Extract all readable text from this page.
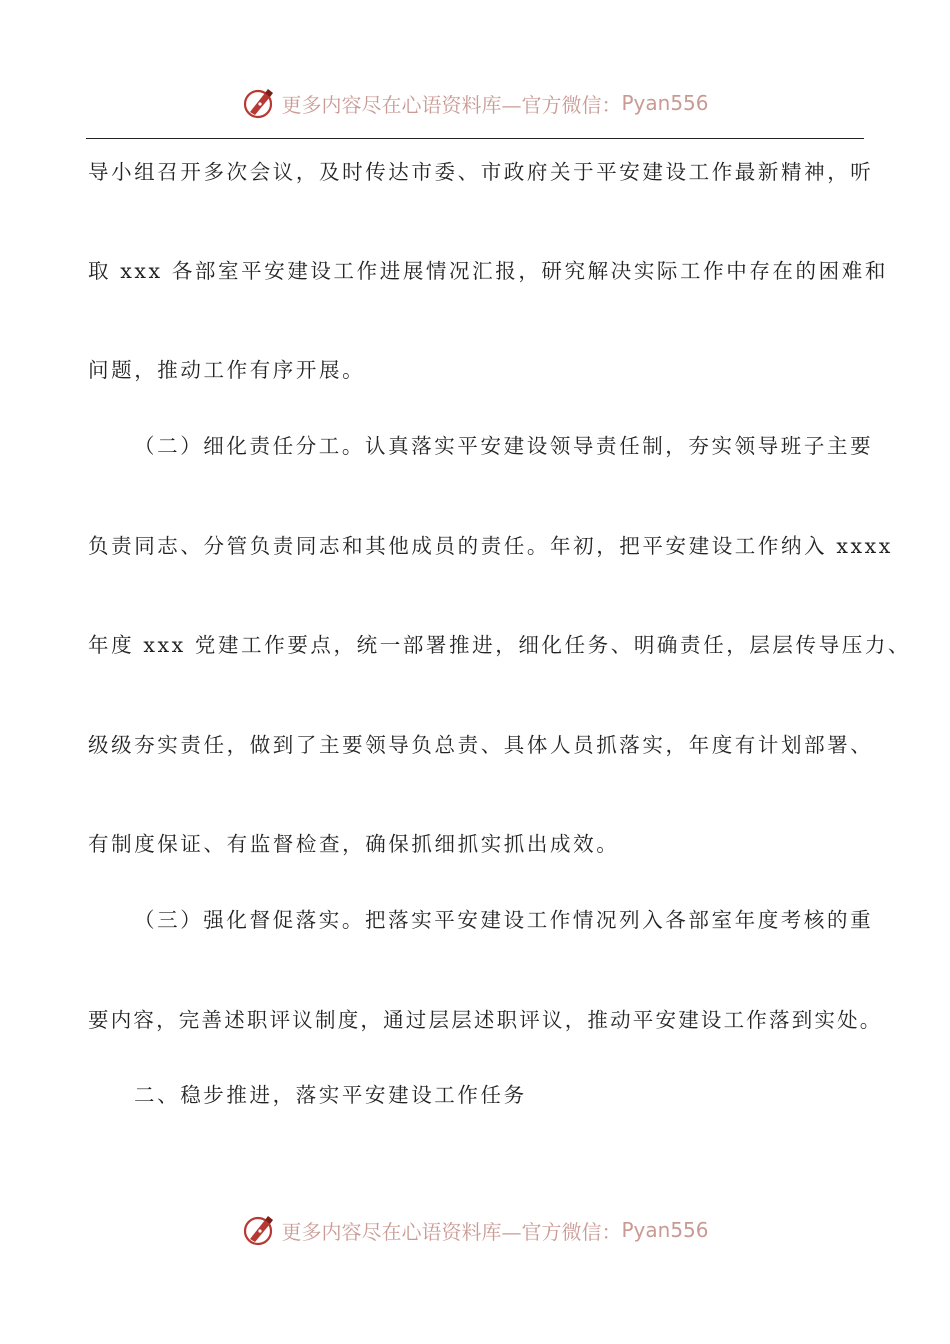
更多内容尽在心语资料库—官方微信： Pyan556
导小组召开多次会议，及时传达市委、市政府关于平安建设工作最新精神，听
取 xxx 各部室平安建设工作进展情况汇报，研究解决实际工作中存在的困难和
问题，推动工作有序开展。
（二）细化责任分工。认真落实平安建设领导责任制，夯实领导班子主要
负责同志、分管负责同志和其他成员的责任。年初，把平安建设工作纳入 xxxx
年度 xxx 党建工作要点，统一部署推进，细化任务、明确责任，层层传导压力、
级级夯实责任，做到了主要领导负总责、具体人员抓落实，年度有计划部署、
有制度保证、有监督检查，确保抓细抓实抓出成效。
（三）强化督促落实。把落实平安建设工作情况列入各部室年度考核的重
要内容，完善述职评议制度，通过层层述职评议，推动平安建设工作落到实处。
二、稳步推进，落实平安建设工作任务
更多内容尽在心语资料库—官方微信： Pyan556
